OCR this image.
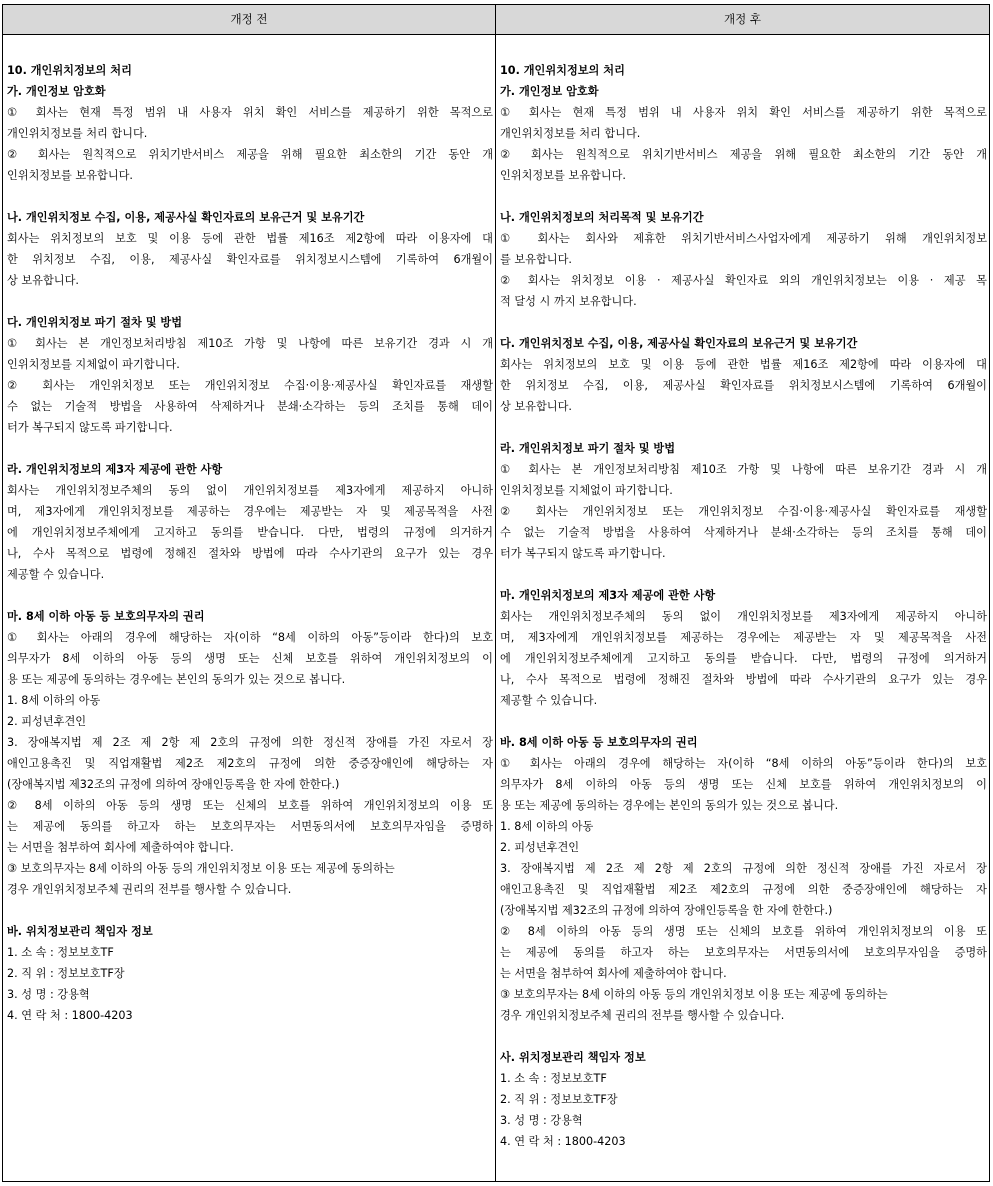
개정 전	개정 후
10. 개인위치정보의 처리
가. 개인정보 암호화
① 회사는 현재 특정 범위 내 사용자 위치 확인 서비스를 제공하기 위한 목적으로
개인위치정보를 처리 합니다.
② 회사는 원칙적으로 위치기반서비스 제공을 위해 필요한 최소한의 기간 동안 개
인위치정보를 보유합니다.
나. 개인위치정보 수집, 이용, 제공사실 확인자료의 보유근거 및 보유기간
회사는 위치정보의 보호 및 이용 등에 관한 법률 제16조 제2항에 따라 이용자에 대
한 위치정보 수집, 이용, 제공사실 확인자료를 위치정보시스템에 기록하여 6개월이
상 보유합니다.
다. 개인위치정보 파기 절차 및 방법
① 회사는 본 개인정보처리방침 제10조 가항 및 나항에 따른 보유기간 경과 시 개
인위치정보를 지체없이 파기합니다.
② 회사는 개인위치정보 또는 개인위치정보 수집·이용·제공사실 확인자료를 재생할
수 없는 기술적 방법을 사용하여 삭제하거나 분쇄·소각하는 등의 조치를 통해 데이
터가 복구되지 않도록 파기합니다.
라. 개인위치정보의 제3자 제공에 관한 사항
회사는 개인위치정보주체의 동의 없이 개인위치정보를 제3자에게 제공하지 아니하
며, 제3자에게 개인위치정보를 제공하는 경우에는 제공받는 자 및 제공목적을 사전
에 개인위치정보주체에게 고지하고 동의를 받습니다. 다만, 법령의 규정에 의거하거
나, 수사 목적으로 법령에 정해진 절차와 방법에 따라 수사기관의 요구가 있는 경우
제공할 수 있습니다.
마. 8세 이하 아동 등 보호의무자의 권리
① 회사는 아래의 경우에 해당하는 자(이하 “8세 이하의 아동”등이라 한다)의 보호
의무자가 8세 이하의 아동 등의 생명 또는 신체 보호를 위하여 개인위치정보의 이
용 또는 제공에 동의하는 경우에는 본인의 동의가 있는 것으로 봅니다.
1. 8세 이하의 아동
2. 피성년후견인
3. 장애복지법 제 2조 제 2항 제 2호의 규정에 의한 정신적 장애를 가진 자로서 장
애인고용촉진 및 직업재활법 제2조 제2호의 규정에 의한 중증장애인에 해당하는 자
(장애복지법 제32조의 규정에 의하여 장애인등록을 한 자에 한한다.)
② 8세 이하의 아동 등의 생명 또는 신체의 보호를 위하여 개인위치정보의 이용 또
는 제공에 동의를 하고자 하는 보호의무자는 서면동의서에 보호의무자임을 증명하
는 서면을 첨부하여 회사에 제출하여야 합니다.
③ 보호의무자는 8세 이하의 아동 등의 개인위치정보 이용 또는 제공에 동의하는
경우 개인위치정보주체 권리의 전부를 행사할 수 있습니다.
바. 위치정보관리 책임자 정보
1. 소 속 : 정보보호TF
2. 직 위 : 정보보호TF장
3. 성 명 : 강용혁
4. 연 락 처 : 1800-4203
10. 개인위치정보의 처리
가. 개인정보 암호화
① 회사는 현재 특정 범위 내 사용자 위치 확인 서비스를 제공하기 위한 목적으로
개인위치정보를 처리 합니다.
② 회사는 원칙적으로 위치기반서비스 제공을 위해 필요한 최소한의 기간 동안 개
인위치정보를 보유합니다.
나. 개인위치정보의 처리목적 및 보유기간
① 회사는 회사와 제휴한 위치기반서비스사업자에게 제공하기 위해 개인위치정보
를 보유합니다.
② 회사는 위치정보 이용 · 제공사실 확인자료 외의 개인위치정보는 이용 · 제공 목
적 달성 시 까지 보유합니다.
다. 개인위치정보 수집, 이용, 제공사실 확인자료의 보유근거 및 보유기간
회사는 위치정보의 보호 및 이용 등에 관한 법률 제16조 제2항에 따라 이용자에 대
한 위치정보 수집, 이용, 제공사실 확인자료를 위치정보시스템에 기록하여 6개월이
상 보유합니다.
라. 개인위치정보 파기 절차 및 방법
① 회사는 본 개인정보처리방침 제10조 가항 및 나항에 따른 보유기간 경과 시 개
인위치정보를 지체없이 파기합니다.
② 회사는 개인위치정보 또는 개인위치정보 수집·이용·제공사실 확인자료를 재생할
수 없는 기술적 방법을 사용하여 삭제하거나 분쇄·소각하는 등의 조치를 통해 데이
터가 복구되지 않도록 파기합니다.
마. 개인위치정보의 제3자 제공에 관한 사항
회사는 개인위치정보주체의 동의 없이 개인위치정보를 제3자에게 제공하지 아니하
며, 제3자에게 개인위치정보를 제공하는 경우에는 제공받는 자 및 제공목적을 사전
에 개인위치정보주체에게 고지하고 동의를 받습니다. 다만, 법령의 규정에 의거하거
나, 수사 목적으로 법령에 정해진 절차와 방법에 따라 수사기관의 요구가 있는 경우
제공할 수 있습니다.
바. 8세 이하 아동 등 보호의무자의 권리
① 회사는 아래의 경우에 해당하는 자(이하 “8세 이하의 아동”등이라 한다)의 보호
의무자가 8세 이하의 아동 등의 생명 또는 신체 보호를 위하여 개인위치정보의 이
용 또는 제공에 동의하는 경우에는 본인의 동의가 있는 것으로 봅니다.
1. 8세 이하의 아동
2. 피성년후견인
3. 장애복지법 제 2조 제 2항 제 2호의 규정에 의한 정신적 장애를 가진 자로서 장
애인고용촉진 및 직업재활법 제2조 제2호의 규정에 의한 중증장애인에 해당하는 자
(장애복지법 제32조의 규정에 의하여 장애인등록을 한 자에 한한다.)
② 8세 이하의 아동 등의 생명 또는 신체의 보호를 위하여 개인위치정보의 이용 또
는 제공에 동의를 하고자 하는 보호의무자는 서면동의서에 보호의무자임을 증명하
는 서면을 첨부하여 회사에 제출하여야 합니다.
③ 보호의무자는 8세 이하의 아동 등의 개인위치정보 이용 또는 제공에 동의하는
경우 개인위치정보주체 권리의 전부를 행사할 수 있습니다.
사. 위치정보관리 책임자 정보
1. 소 속 : 정보보호TF
2. 직 위 : 정보보호TF장
3. 성 명 : 강용혁
4. 연 락 처 : 1800-4203
